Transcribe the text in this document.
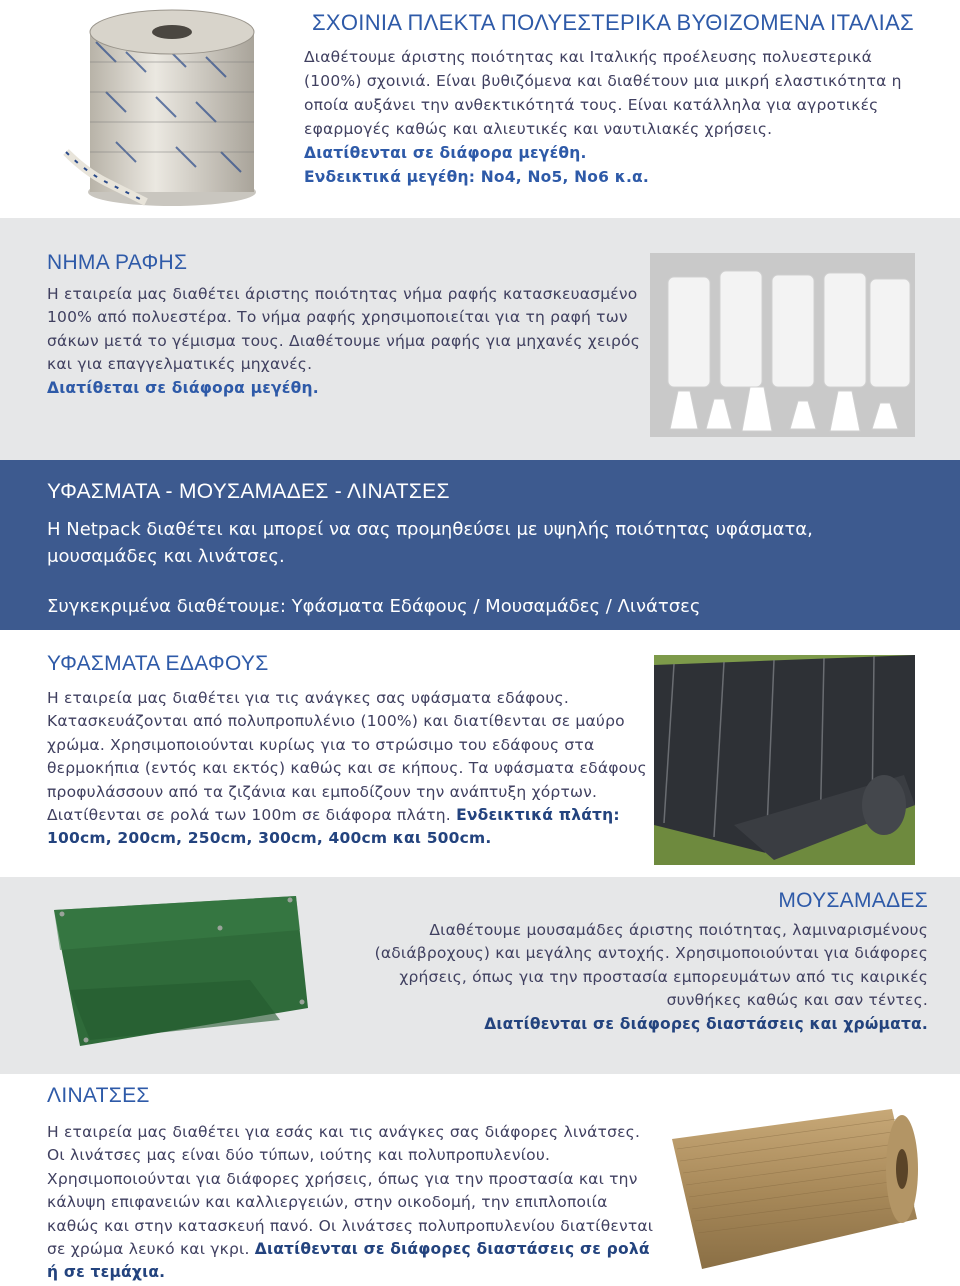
ΣΧΟΙΝΙΑ ΠΛΕΚΤΑ ΠΟΛΥΕΣΤΕΡΙΚΑ ΒΥΘΙΖΟΜΕΝΑ ΙΤΑΛΙΑΣ
Διαθέτουμε άριστης ποιότητας και Ιταλικής προέλευσης πολυεστερικά (100%) σχοινιά. Είναι βυθιζόμενα και διαθέτουν μια μικρή ελαστικότητα η οποία αυξάνει την ανθεκτικότητά τους. Είναι κατάλληλα για αγροτικές εφαρμογές καθώς και αλιευτικές και ναυτιλιακές χρήσεις.
Διατίθενται σε διάφορα μεγέθη.
Ενδεικτικά μεγέθη: Νο4, Νο5, Νο6 κ.α.
ΝΗΜΑ ΡΑΦΗΣ
Η εταιρεία μας διαθέτει άριστης ποιότητας νήμα ραφής κατασκευασμένο 100% από πολυεστέρα. Το νήμα ραφής χρησιμοποιείται για τη ραφή των σάκων μετά το γέμισμα τους. Διαθέτουμε νήμα ραφής για μηχανές χειρός και για επαγγελματικές μηχανές.
Διατίθεται σε διάφορα μεγέθη.
ΥΦΑΣΜΑΤΑ - ΜΟΥΣΑΜΑΔΕΣ - ΛΙΝΑΤΣΕΣ
Η Netpack διαθέτει και μπορεί να σας προμηθεύσει με υψηλής ποιότητας υφάσματα, μουσαμάδες και λινάτσες.
Συγκεκριμένα διαθέτουμε: Υφάσματα Εδάφους / Μουσαμάδες / Λινάτσες
ΥΦΑΣΜΑΤΑ ΕΔΑΦΟΥΣ
Η εταιρεία μας διαθέτει για τις ανάγκες σας υφάσματα εδάφους. Κατασκευάζονται από πολυπροπυλένιο (100%) και διατίθενται σε μαύρο χρώμα. Χρησιμοποιούνται κυρίως για το στρώσιμο του εδάφους στα θερμοκήπια (εντός και εκτός) καθώς και σε κήπους. Τα υφάσματα εδάφους προφυλάσσουν από τα ζιζάνια και εμποδίζουν την ανάπτυξη χόρτων. Διατίθενται σε ρολά των 100m σε διάφορα πλάτη. Ενδεικτικά πλάτη: 100cm, 200cm, 250cm, 300cm, 400cm και 500cm.
ΜΟΥΣΑΜΑΔΕΣ
Διαθέτουμε μουσαμάδες άριστης ποιότητας, λαμιναρισμένους (αδιάβροχους) και μεγάλης αντοχής. Χρησιμοποιούνται για διάφορες χρήσεις, όπως για την προστασία εμπορευμάτων από τις καιρικές συνθήκες καθώς και σαν τέντες.
Διατίθενται σε διάφορες διαστάσεις και χρώματα.
ΛΙΝΑΤΣΕΣ
Η εταιρεία μας διαθέτει για εσάς και τις ανάγκες σας διάφορες λινάτσες. Οι λινάτσες μας είναι δύο τύπων, ιούτης και πολυπροπυλενίου. Χρησιμοποιούνται για διάφορες χρήσεις, όπως για την προστασία και την κάλυψη επιφανειών και καλλιεργειών, στην οικοδομή, την επιπλοποιία καθώς και στην κατασκευή πανό. Οι λινάτσες πολυπροπυλενίου διατίθενται σε χρώμα λευκό και γκρι. Διατίθενται σε διάφορες διαστάσεις σε ρολά ή σε τεμάχια.
